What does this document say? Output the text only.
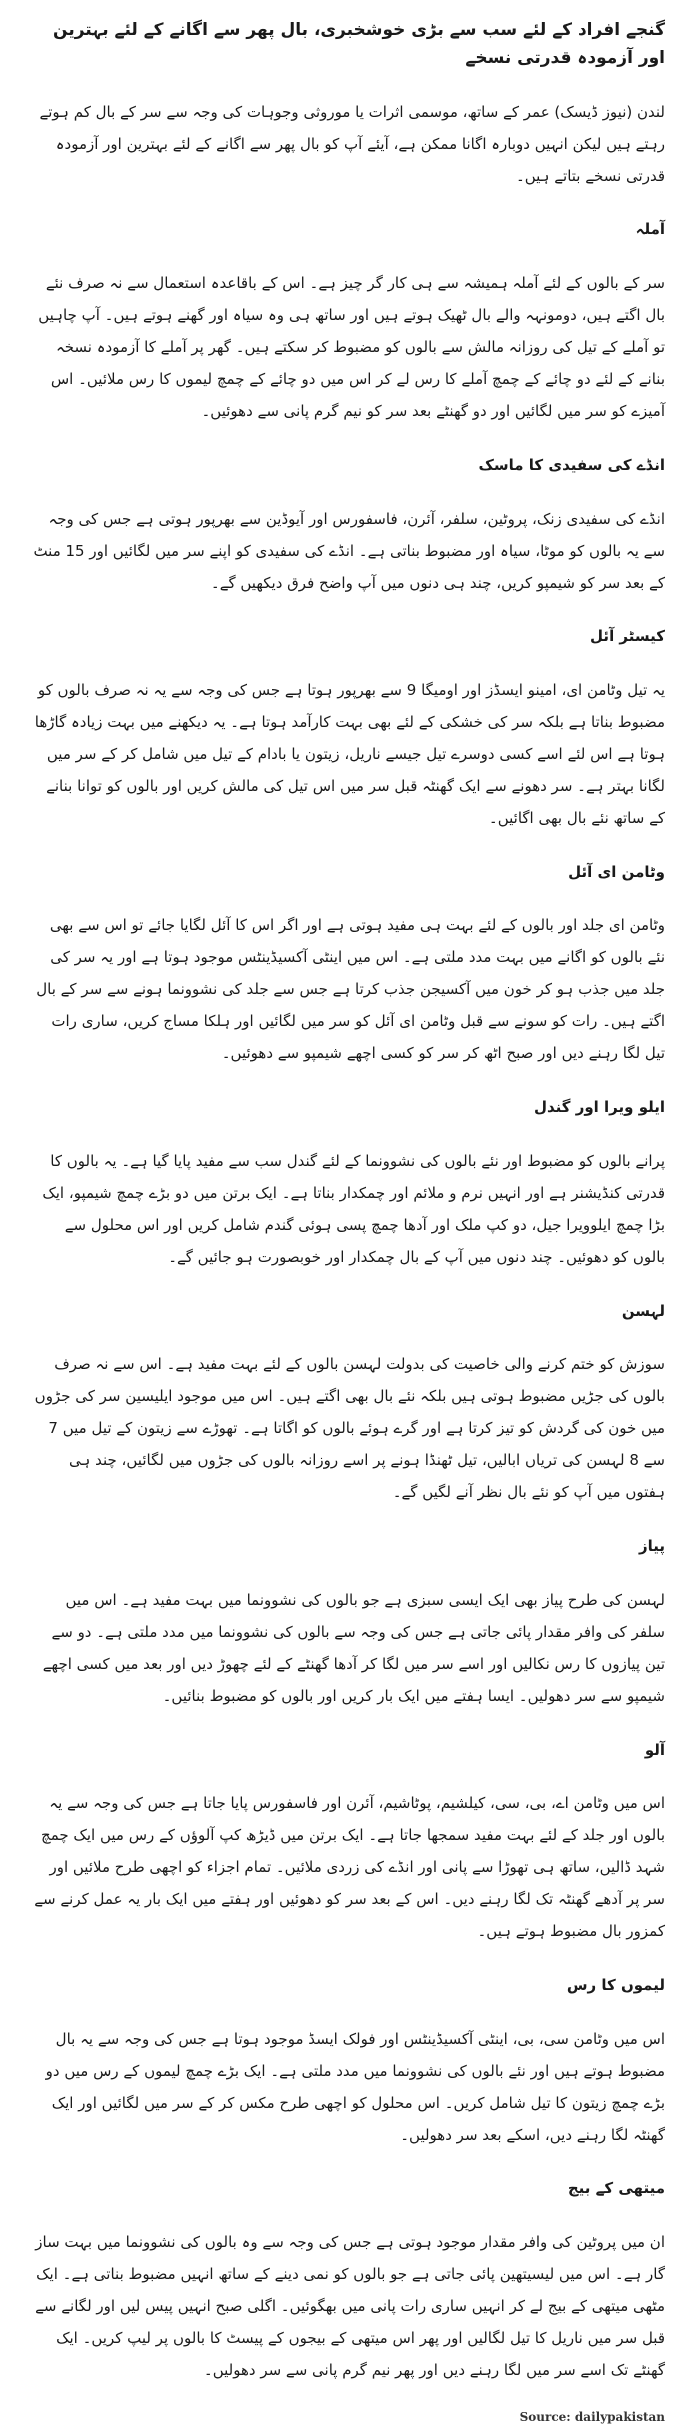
گنجے افراد کے لئے سب سے بڑی خوشخبری، بال پھر سے اگانے کے لئے بہترین اور آزمودہ قدرتی نسخے

لندن (نیوز ڈیسک) عمر کے ساتھ، موسمی اثرات یا موروثی وجوہات کی وجہ سے سر کے بال کم ہوتے رہتے ہیں لیکن انہیں دوبارہ اگانا ممکن ہے، آیئے آپ کو بال پھر سے اگانے کے لئے بہترین اور آزمودہ قدرتی نسخے بتاتے ہیں۔

آملہ

سر کے بالوں کے لئے آملہ ہمیشہ سے ہی کار گر چیز ہے۔ اس کے باقاعدہ استعمال سے نہ صرف نئے بال اگتے ہیں، دومونہہ والے بال ٹھیک ہوتے ہیں اور ساتھ ہی وہ سیاہ اور گھنے ہوتے ہیں۔ آپ چاہیں تو آملے کے تیل کی روزانہ مالش سے بالوں کو مضبوط کر سکتے ہیں۔ گھر پر آملے کا آزمودہ نسخہ بنانے کے لئے دو چائے کے چمچ آملے کا رس لے کر اس میں دو چائے کے چمچ لیموں کا رس ملائیں۔ اس آمیزے کو سر میں لگائیں اور دو گھنٹے بعد سر کو نیم گرم پانی سے دھوئیں۔

انڈے کی سفیدی کا ماسک

انڈے کی سفیدی زنک، پروٹین، سلفر، آئرن، فاسفورس اور آیوڈین سے بھرپور ہوتی ہے جس کی وجہ سے یہ بالوں کو موٹا، سیاہ اور مضبوط بناتی ہے۔ انڈے کی سفیدی کو اپنے سر میں لگائیں اور 15 منٹ کے بعد سر کو شیمپو کریں، چند ہی دنوں میں آپ واضح فرق دیکھیں گے۔

کیسٹر آئل

یہ تیل وٹامن ای، امینو ایسڈز اور اومیگا 9 سے بھرپور ہوتا ہے جس کی وجہ سے یہ نہ صرف بالوں کو مضبوط بناتا ہے بلکہ سر کی خشکی کے لئے بھی بہت کارآمد ہوتا ہے۔ یہ دیکھنے میں بہت زیادہ گاڑھا ہوتا ہے اس لئے اسے کسی دوسرے تیل جیسے ناریل، زیتون یا بادام کے تیل میں شامل کر کے سر میں لگانا بہتر ہے۔ سر دھونے سے ایک گھنٹہ قبل سر میں اس تیل کی مالش کریں اور بالوں کو توانا بنانے کے ساتھ نئے بال بھی اگائیں۔

وٹامن ای آئل

وٹامن ای جلد اور بالوں کے لئے بہت ہی مفید ہوتی ہے اور اگر اس کا آئل لگایا جائے تو اس سے بھی نئے بالوں کو اگانے میں بہت مدد ملتی ہے۔ اس میں اینٹی آکسیڈینٹس موجود ہوتا ہے اور یہ سر کی جلد میں جذب ہو کر خون میں آکسیجن جذب کرتا ہے جس سے جلد کی نشوونما ہونے سے سر کے بال اگتے ہیں۔ رات کو سونے سے قبل وٹامن ای آئل کو سر میں لگائیں اور ہلکا مساج کریں، ساری رات تیل لگا رہنے دیں اور صبح اٹھ کر سر کو کسی اچھے شیمپو سے دھوئیں۔

ایلو ویرا اور گندل

پرانے بالوں کو مضبوط اور نئے بالوں کی نشوونما کے لئے گندل سب سے مفید پایا گیا ہے۔ یہ بالوں کا قدرتی کنڈیشنر ہے اور انہیں نرم و ملائم اور چمکدار بناتا ہے۔ ایک برتن میں دو بڑے چمچ شیمپو، ایک بڑا چمچ ایلوویرا جیل، دو کپ ملک اور آدھا چمچ پسی ہوئی گندم شامل کریں اور اس محلول سے بالوں کو دھوئیں۔ چند دنوں میں آپ کے بال چمکدار اور خوبصورت ہو جائیں گے۔

لہسن

سوزش کو ختم کرنے والی خاصیت کی بدولت لہسن بالوں کے لئے بہت مفید ہے۔ اس سے نہ صرف بالوں کی جڑیں مضبوط ہوتی ہیں بلکہ نئے بال بھی اگتے ہیں۔ اس میں موجود ایلیسین سر کی جڑوں میں خون کی گردش کو تیز کرتا ہے اور گرے ہوئے بالوں کو اگاتا ہے۔ تھوڑے سے زیتون کے تیل میں 7 سے 8 لہسن کی تریاں ابالیں، تیل ٹھنڈا ہونے پر اسے روزانہ بالوں کی جڑوں میں لگائیں، چند ہی ہفتوں میں آپ کو نئے بال نظر آنے لگیں گے۔

پیاز

لہسن کی طرح پیاز بھی ایک ایسی سبزی ہے جو بالوں کی نشوونما میں بہت مفید ہے۔ اس میں سلفر کی وافر مقدار پائی جاتی ہے جس کی وجہ سے بالوں کی نشوونما میں مدد ملتی ہے۔ دو سے تین پیازوں کا رس نکالیں اور اسے سر میں لگا کر آدھا گھنٹے کے لئے چھوڑ دیں اور بعد میں کسی اچھے شیمپو سے سر دھولیں۔ ایسا ہفتے میں ایک بار کریں اور بالوں کو مضبوط بنائیں۔

آلو

اس میں وٹامن اے، بی، سی، کیلشیم، پوٹاشیم، آئرن اور فاسفورس پایا جاتا ہے جس کی وجہ سے یہ بالوں اور جلد کے لئے بہت مفید سمجھا جاتا ہے۔ ایک برتن میں ڈیڑھ کپ آلوؤں کے رس میں ایک چمچ شہد ڈالیں، ساتھ ہی تھوڑا سے پانی اور انڈے کی زردی ملائیں۔ تمام اجزاء کو اچھی طرح ملائیں اور سر پر آدھے گھنٹہ تک لگا رہنے دیں۔ اس کے بعد سر کو دھوئیں اور ہفتے میں ایک بار یہ عمل کرنے سے کمزور بال مضبوط ہوتے ہیں۔

لیموں کا رس

اس میں وٹامن سی، بی، اینٹی آکسیڈینٹس اور فولک ایسڈ موجود ہوتا ہے جس کی وجہ سے یہ بال مضبوط ہوتے ہیں اور نئے بالوں کی نشوونما میں مدد ملتی ہے۔ ایک بڑے چمچ لیموں کے رس میں دو بڑے چمچ زیتون کا تیل شامل کریں۔ اس محلول کو اچھی طرح مکس کر کے سر میں لگائیں اور ایک گھنٹہ لگا رہنے دیں، اسکے بعد سر دھولیں۔

میتھی کے بیج

ان میں پروٹین کی وافر مقدار موجود ہوتی ہے جس کی وجہ سے وہ بالوں کی نشوونما میں بہت ساز گار ہے۔ اس میں لیسیتھین پائی جاتی ہے جو بالوں کو نمی دینے کے ساتھ انہیں مضبوط بناتی ہے۔ ایک مٹھی میتھی کے بیج لے کر انہیں ساری رات پانی میں بھگوئیں۔ اگلی صبح انہیں پیس لیں اور لگانے سے قبل سر میں ناریل کا تیل لگالیں اور پھر اس میتھی کے بیجوں کے پیسٹ کا بالوں پر لیپ کریں۔ ایک گھنٹے تک اسے سر میں لگا رہنے دیں اور پھر نیم گرم پانی سے سر دھولیں۔

Source: dailypakistan
